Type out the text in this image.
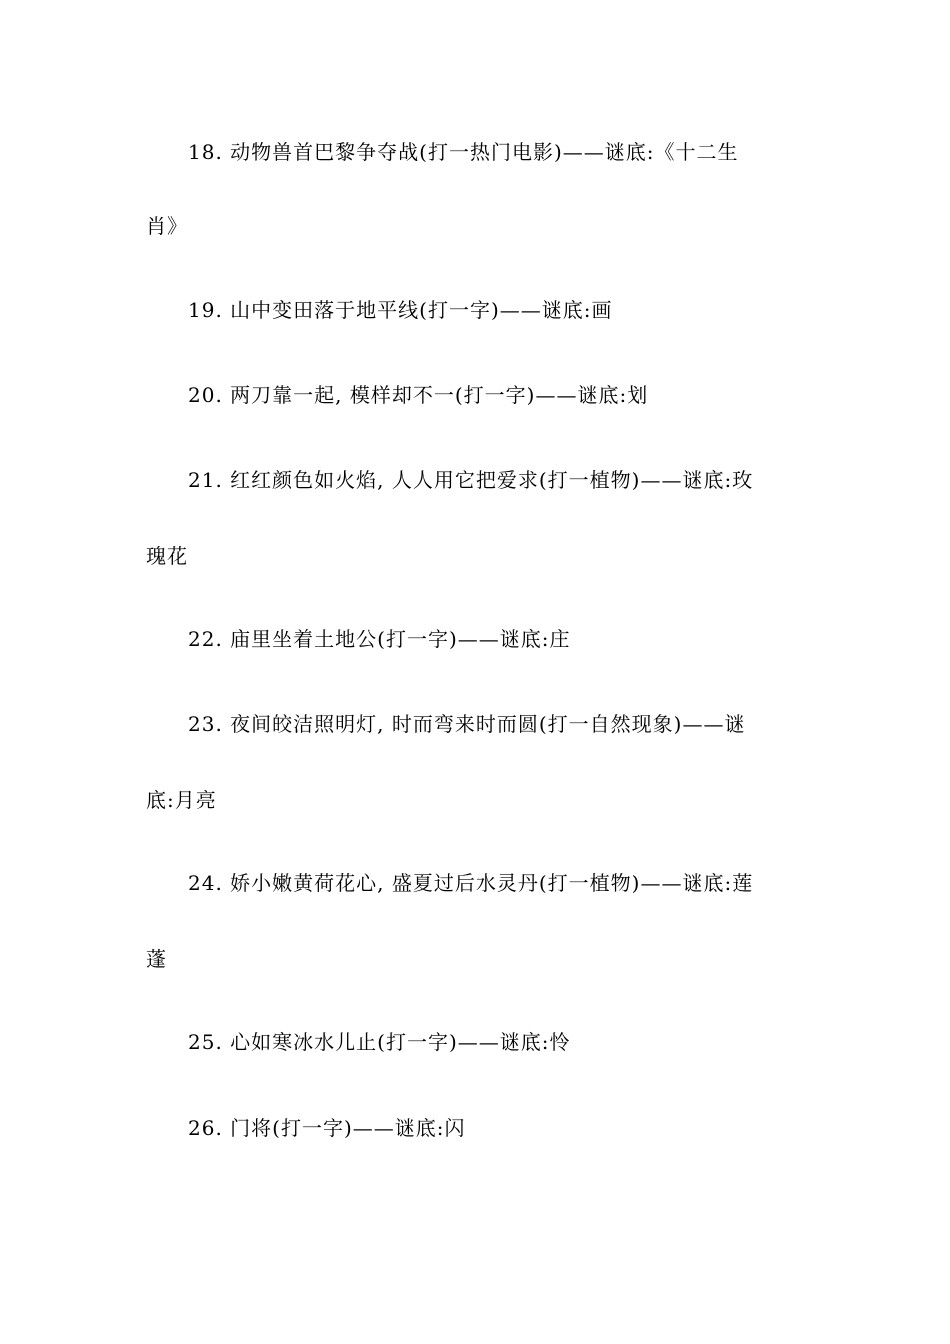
18. 动物兽首巴黎争夺战(打一热门电影)——谜底:《十二生
肖》
19. 山中变田落于地平线(打一字)——谜底:画
20. 两刀靠一起, 模样却不一(打一字)——谜底:划
21. 红红颜色如火焰, 人人用它把爱求(打一植物)——谜底:玫
瑰花
22. 庙里坐着土地公(打一字)——谜底:庄
23. 夜间皎洁照明灯, 时而弯来时而圆(打一自然现象)——谜
底:月亮
24. 娇小嫩黄荷花心, 盛夏过后水灵丹(打一植物)——谜底:莲
蓬
25. 心如寒冰水儿止(打一字)——谜底:怜
26. 门将(打一字)——谜底:闪
